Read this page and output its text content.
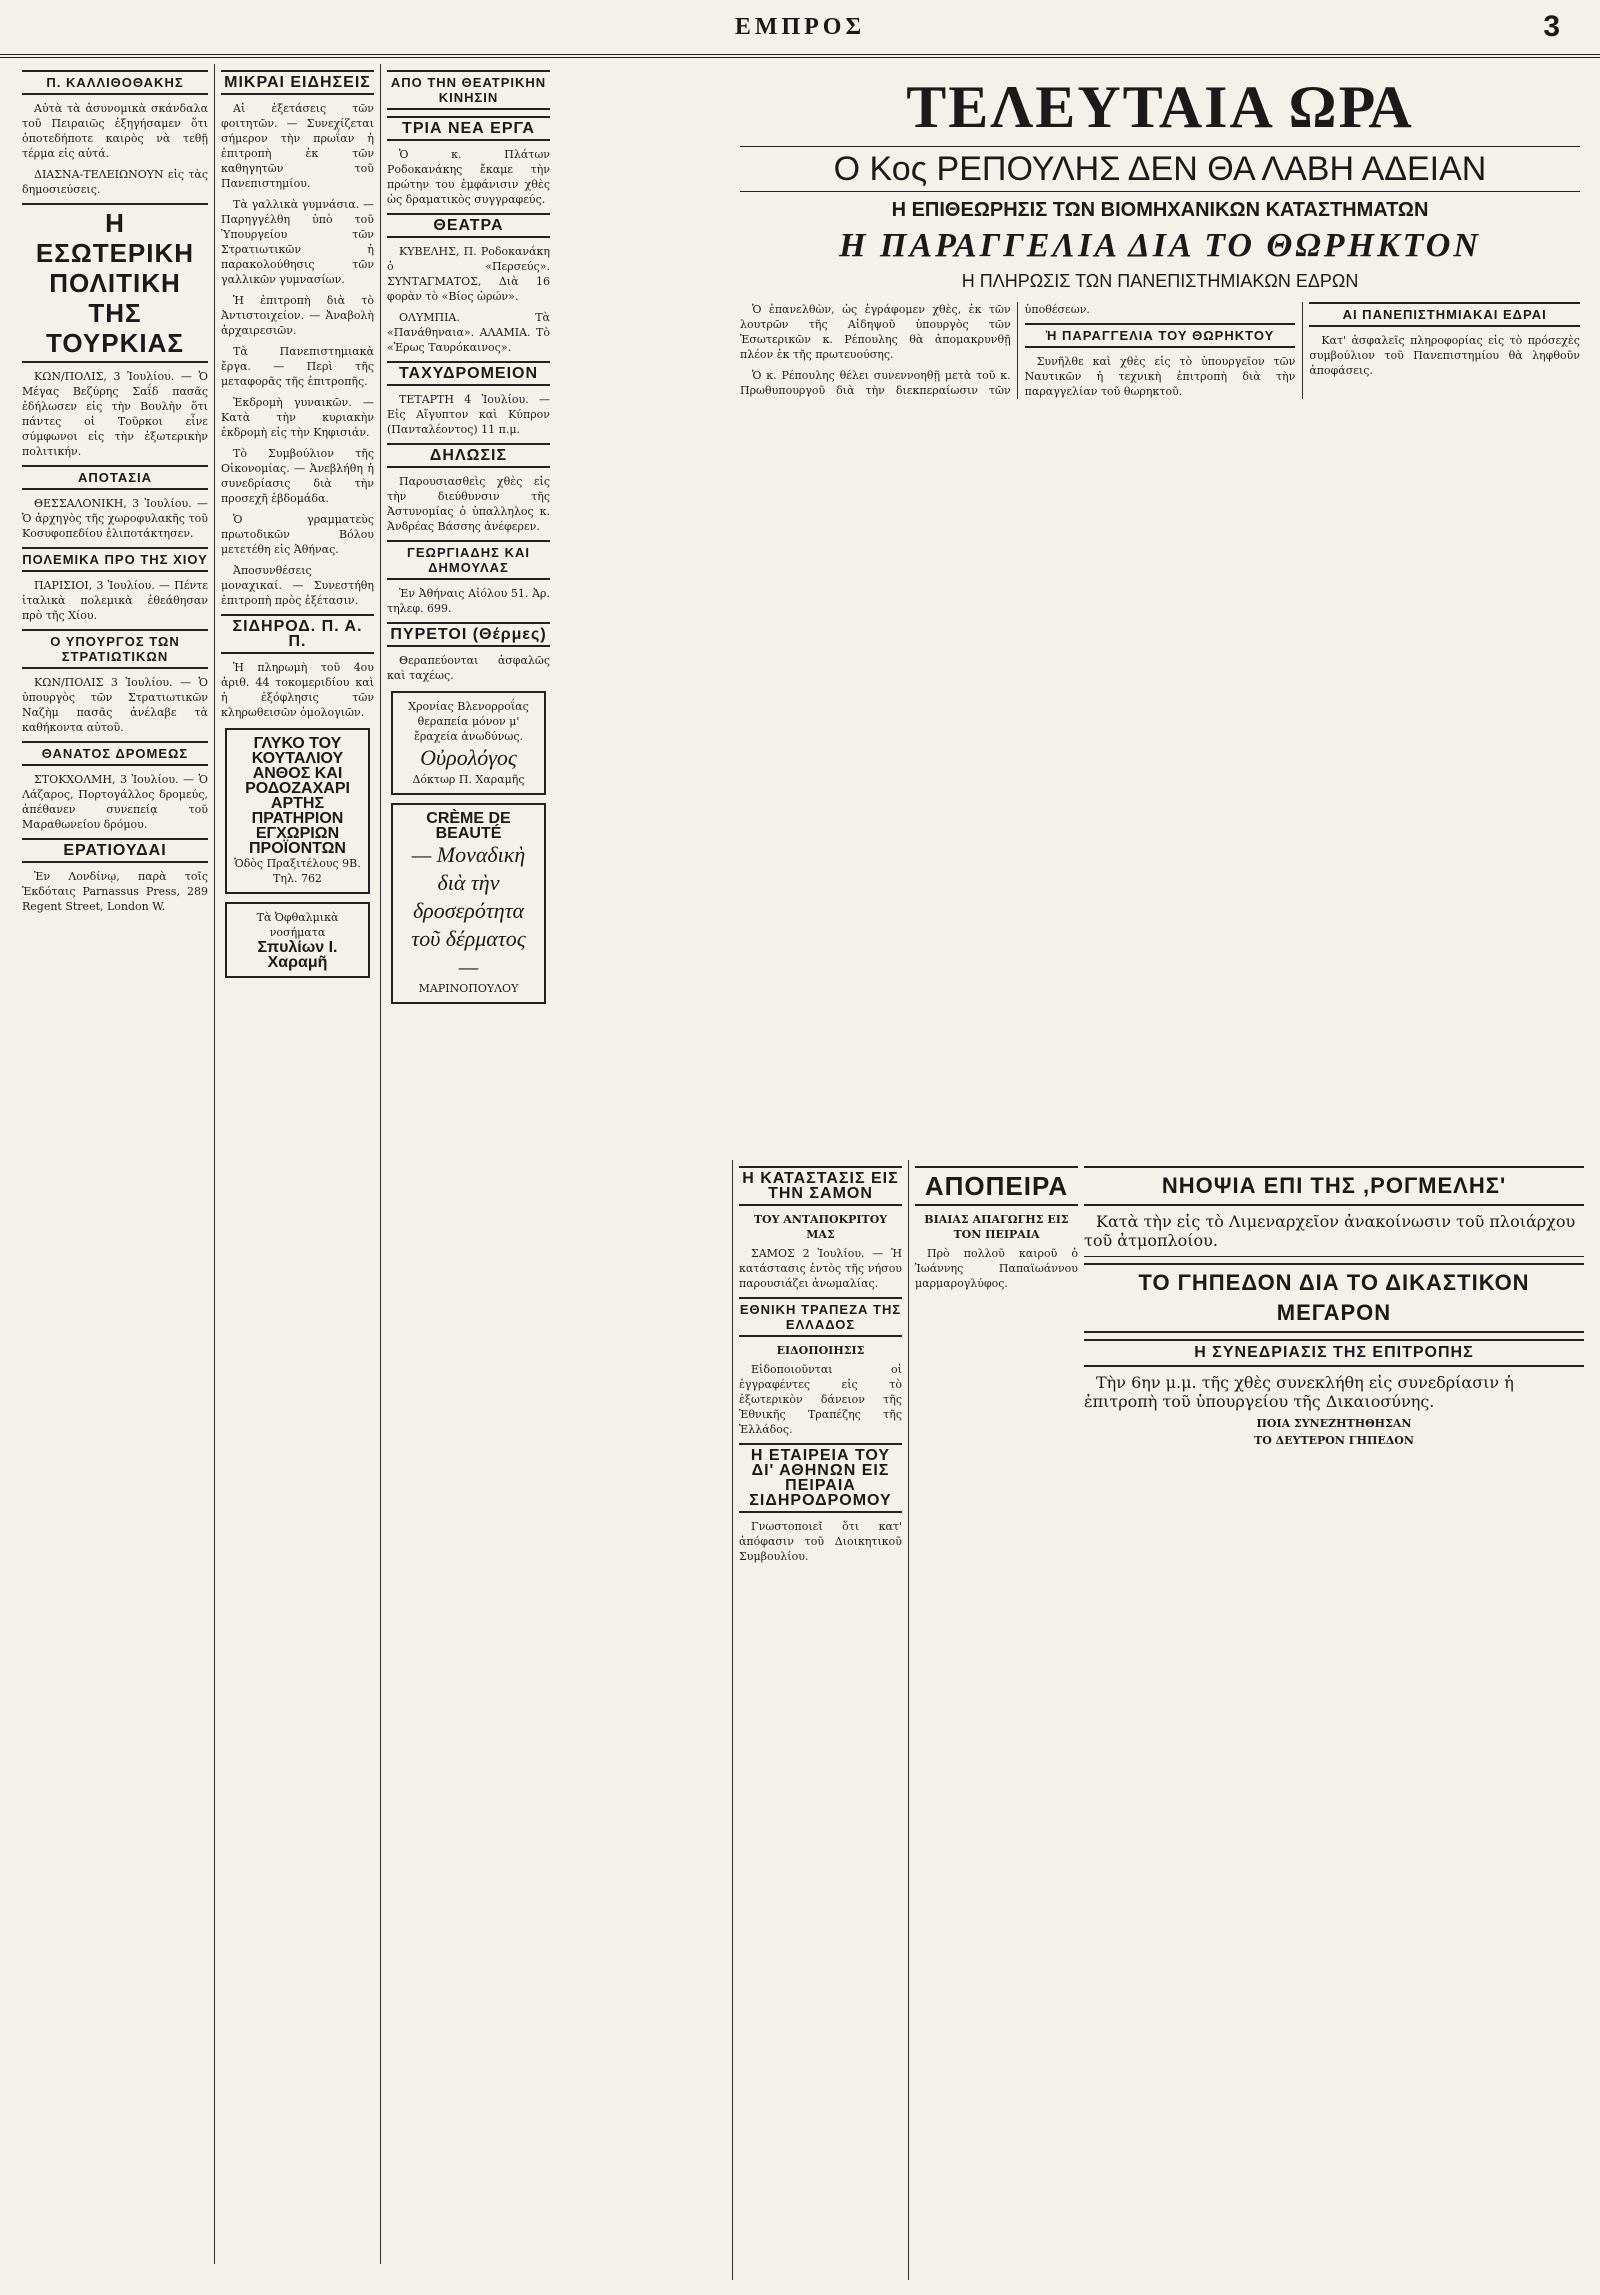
ΕΜΠΡΟΣ	3
Π. ΚΑΛΛΙΘΟΘΑΚΗΣ

Αὐτὰ τὰ ἀσυνομικὰ σκάνδαλα τοῦ Πειραιῶς ἐξηγήσαμεν ὅτι ὁποτεδήποτε καιρὸς νὰ τεθῇ τέρμα εἰς αὐτά.

ΔΙΑΣΝΑ-ΤΕΛΕΙΩΝΟΥΝ εἰς τὰς δημοσιεύσεις.

Η ΕΣΩΤΕΡΙΚΗ ΠΟΛΙΤΙΚΗ ΤΗΣ ΤΟΥΡΚΙΑΣ

ΚΩΝ/ΠΟΛΙΣ, 3 Ἰουλίου. — Ὁ Μέγας Βεζύρης Σαΐδ πασᾶς ἐδήλωσεν εἰς τὴν Βουλὴν ὅτι πάντες οἱ Τοῦρκοι εἶνε σύμφωνοι εἰς τὴν ἐξωτερικὴν πολιτικήν.

ΑΠΟΤΑΣΙΑ

ΘΕΣΣΑΛΟΝΙΚΗ, 3 Ἰουλίου. — Ὁ ἀρχηγὸς τῆς χωροφυλακῆς τοῦ Κοσυφοπεδίου ἐλιποτάκτησεν.

ΠΟΛΕΜΙΚΑ ΠΡΟ ΤΗΣ ΧΙΟΥ

ΠΑΡΙΣΙΟΙ, 3 Ἰουλίου. — Πέντε ἰταλικὰ πολεμικὰ ἐθεάθησαν πρὸ τῆς Χίου.

Ο ΥΠΟΥΡΓΟΣ ΤΩΝ ΣΤΡΑΤΙΩΤΙΚΩΝ

ΚΩΝ/ΠΟΛΙΣ 3 Ἰουλίου. — Ὁ ὑπουργὸς τῶν Στρατιωτικῶν Ναζὴμ πασᾶς ἀνέλαβε τὰ καθήκοντα αὐτοῦ.

ΘΑΝΑΤΟΣ ΔΡΟΜΕΩΣ

ΣΤΟΚΧΟΛΜΗ, 3 Ἰουλίου. — Ὁ Λάζαρος, Πορτογάλλος δρομεύς, ἀπέθανεν συνεπείᾳ τοῦ Μαραθωνείου δρόμου.

ΕΡΑΤΙΟΥΔΑΙ

Ἐν Λονδίνῳ, παρὰ τοῖς Ἐκδόταις Parnassus Press, 289 Regent Street, London W.

ΜΙΚΡΑΙ ΕΙΔΗΣΕΙΣ

Αἱ ἐξετάσεις τῶν φοιτητῶν. — Συνεχίζεται σήμερον τὴν πρωΐαν ἡ ἐπιτροπὴ ἐκ τῶν καθηγητῶν τοῦ Πανεπιστημίου.

Τὰ γαλλικὰ γυμνάσια. — Παρηγγέλθη ὑπὸ τοῦ Ὑπουργείου τῶν Στρατιωτικῶν ἡ παρακολούθησις τῶν γαλλικῶν γυμνασίων.

Ἡ ἐπιτροπὴ διὰ τὸ Ἀντιστοιχείον. — Ἀναβολὴ ἀρχαιρεσιῶν.

Τὰ Πανεπιστημιακὰ ἔργα. — Περὶ τῆς μεταφορᾶς τῆς ἐπιτροπῆς.

Ἐκδρομὴ γυναικῶν. — Κατὰ τὴν κυριακὴν ἐκδρομὴ εἰς τὴν Κηφισιάν.

Τὸ Συμβούλιον τῆς Οἰκονομίας. — Ἀνεβλήθη ἡ συνεδρίασις διὰ τὴν προσεχῆ ἑβδομάδα.

Ὁ γραμματεὺς πρωτοδικῶν Βόλου μετετέθη εἰς Ἀθήνας.

Ἀποσυνθέσεις μοναχικαί. — Συνεστήθη ἐπιτροπὴ πρὸς ἐξέτασιν.

ΣΙΔΗΡΟΔ. Π. Α. Π.

Ἡ πληρωμὴ τοῦ 4ου ἀριθ. 44 τοκομεριδίου καὶ ἡ ἐξόφλησις τῶν κληρωθεισῶν ὁμολογιῶν.

ΓΛΥΚΟ ΤΟΥ ΚΟΥΤΑΛΙΟΥ ΑΝΘΟΣ ΚΑΙ ΡΟΔΟΖΑΧΑΡΙ ΑΡΤΗΣ
ΠΡΑΤΗΡΙΟΝ ΕΓΧΩΡΙΩΝ ΠΡΟΪΟΝΤΩΝ
Ὁδὸς Πραξιτέλους 9Β. Τηλ. 762
Τὰ Ὀφθαλμικὰ νοσήματα
Σπυλίων Ι. Χαραμῆ
ΑΠΟ ΤΗΝ ΘΕΑΤΡΙΚΗΝ ΚΙΝΗΣΙΝ
ΤΡΙΑ ΝΕΑ ΕΡΓΑ

Ὁ κ. Πλάτων Ροδοκανάκης ἔκαμε τὴν πρώτην του ἐμφάνισιν χθὲς ὡς δραματικὸς συγγραφεύς.

ΘΕΑΤΡΑ

ΚΥΒΕΛΗΣ, Π. Ροδοκανάκη ὁ «Περσεύς». ΣΥΝΤΑΓΜΑΤΟΣ, Διὰ 16 φορὰν τὸ «Βίος ὡρών».

ΟΛΥΜΠΙΑ. Τὰ «Πανάθηναια». ΑΛΑΜΙΑ. Τὸ «Ἐρως Ταυρόκαινος».

ΤΑΧΥΔΡΟΜΕΙΟΝ

ΤΕΤΑΡΤΗ 4 Ἰουλίου. — Εἰς Αἴγυπτον καὶ Κύπρον (Πανταλέοντος) 11 π.μ.

ΔΗΛΩΣΙΣ

Παρουσιασθεὶς χθὲς εἰς τὴν διεύθυνσιν τῆς Ἀστυνομίας ὁ ὑπαλληλος κ. Ἀνδρέας Βάσσης ἀνέφερεν.

ΓΕΩΡΓΙΑΔΗΣ ΚΑΙ ΔΗΜΟΥΛΑΣ

Ἐν Ἀθήναις Αἰόλου 51. Ἀρ. τηλεφ. 699.

ΠΥΡΕΤΟΙ (Θέρμες)

Θεραπεύονται ἀσφαλῶς καὶ ταχέως.

Χρονίας Βλενορροΐας θεραπεία μόνον μ' ἔραχεία ἀνωδύνως.
Οὐρολόγος
Δόκτωρ Π. Χαραμῆς
CRÈME DE BEAUTÉ
— Μοναδικὴ διὰ τὴν δροσερότητα τοῦ δέρματος —
ΜΑΡΙΝΟΠΟΥΛΟΥ
ΤΕΛΕΥΤΑΙΑ ΩΡΑ
Ο Κος ΡΕΠΟΥΛΗΣ ΔΕΝ ΘΑ ΛΑΒΗ ΑΔΕΙΑΝ
Η ΕΠΙΘΕΩΡΗΣΙΣ ΤΩΝ ΒΙΟΜΗΧΑΝΙΚΩΝ ΚΑΤΑΣΤΗΜΑΤΩΝ
Η ΠΑΡΑΓΓΕΛΙΑ ΔΙΑ ΤΟ ΘΩΡΗΚΤΟΝ
Η ΠΛΗΡΩΣΙΣ ΤΩΝ ΠΑΝΕΠΙΣΤΗΜΙΑΚΩΝ ΕΔΡΩΝ

Ὁ ἐπανελθὼν, ὡς ἐγράφομεν χθὲς, ἐκ τῶν λουτρῶν τῆς Αἰδηψοῦ ὑπουργὸς τῶν Ἐσωτερικῶν κ. Ρέπουλης θὰ ἀπομακρυνθῇ πλέον ἐκ τῆς πρωτευούσης.

Ὁ κ. Ρέπουλης θέλει συνεννοηθῇ μετὰ τοῦ κ. Πρωθυπουργοῦ διὰ τὴν διεκπεραίωσιν τῶν ὑποθέσεων.

Ἡ ΠΑΡΑΓΓΕΛΙΑ ΤΟΥ ΘΩΡΗΚΤΟΥ

Συνῆλθε καὶ χθὲς εἰς τὸ ὑπουργεῖον τῶν Ναυτικῶν ἡ τεχνικὴ ἐπιτροπὴ διὰ τὴν παραγγελίαν τοῦ θωρηκτοῦ.

ΑΙ ΠΑΝΕΠΙΣΤΗΜΙΑΚΑΙ ΕΔΡΑΙ

Κατ' ἀσφαλεῖς πληροφορίας εἰς τὸ πρόσεχὲς συμβούλιον τοῦ Πανεπιστημίου θὰ ληφθοῦν ἀποφάσεις.

Η ΚΑΤΑΣΤΑΣΙΣ ΕΙΣ ΤΗΝ ΣΑΜΟΝ
ΤΟΥ ΑΝΤΑΠΟΚΡΙΤΟΥ ΜΑΣ

ΣΑΜΟΣ 2 Ἰουλίου. — Ἡ κατάστασις ἐντὸς τῆς νήσου παρουσιάζει ἀνωμαλίας.

ΕΘΝΙΚΗ ΤΡΑΠΕΖΑ ΤΗΣ ΕΛΛΑΔΟΣ
ΕΙΔΟΠΟΙΗΣΙΣ

Εἰδοποιοῦνται οἱ ἐγγραφέντες εἰς τὸ ἐξωτερικὸν δάνειον τῆς Ἐθνικῆς Τραπέζης τῆς Ἑλλάδος.

Η ΕΤΑΙΡΕΙΑ ΤΟΥ ΔΙ' ΑΘΗΝΩΝ ΕΙΣ ΠΕΙΡΑΙΑ ΣΙΔΗΡΟΔΡΟΜΟΥ

Γνωστοποιεῖ ὅτι κατ' ἀπόφασιν τοῦ Διοικητικοῦ Συμβουλίου.

ΑΠΟΠΕΙΡΑ
ΒΙΑΙΑΣ ΑΠΑΓΩΓΗΣ ΕΙΣ ΤΟΝ ΠΕΙΡΑΙΑ

Πρὸ πολλοῦ καιροῦ ὁ Ἰωάννης Παπαϊωάννου μαρμαρογλύφος.

ΝΗΟΨΙΑ ΕΠΙ ΤΗΣ ,ΡΟΓΜΕΛΗΣ'

Κατὰ τὴν εἰς τὸ Λιμεναρχεῖον ἀνακοίνωσιν τοῦ πλοιάρχου τοῦ ἀτμοπλοίου.

ΤΟ ΓΗΠΕΔΟΝ ΔΙΑ ΤΟ ΔΙΚΑΣΤΙΚΟΝ ΜΕΓΑΡΟΝ
Η ΣΥΝΕΔΡΙΑΣΙΣ ΤΗΣ ΕΠΙΤΡΟΠΗΣ

Τὴν 6ην μ.μ. τῆς χθὲς συνεκλήθη εἰς συνεδρίασιν ἡ ἐπιτροπὴ τοῦ ὑπουργείου τῆς Δικαιοσύνης.

ΠΟΙΑ ΣΥΝΕΖΗΤΗΘΗΣΑΝ
ΤΟ ΔΕΥΤΕΡΟΝ ΓΗΠΕΔΟΝ
